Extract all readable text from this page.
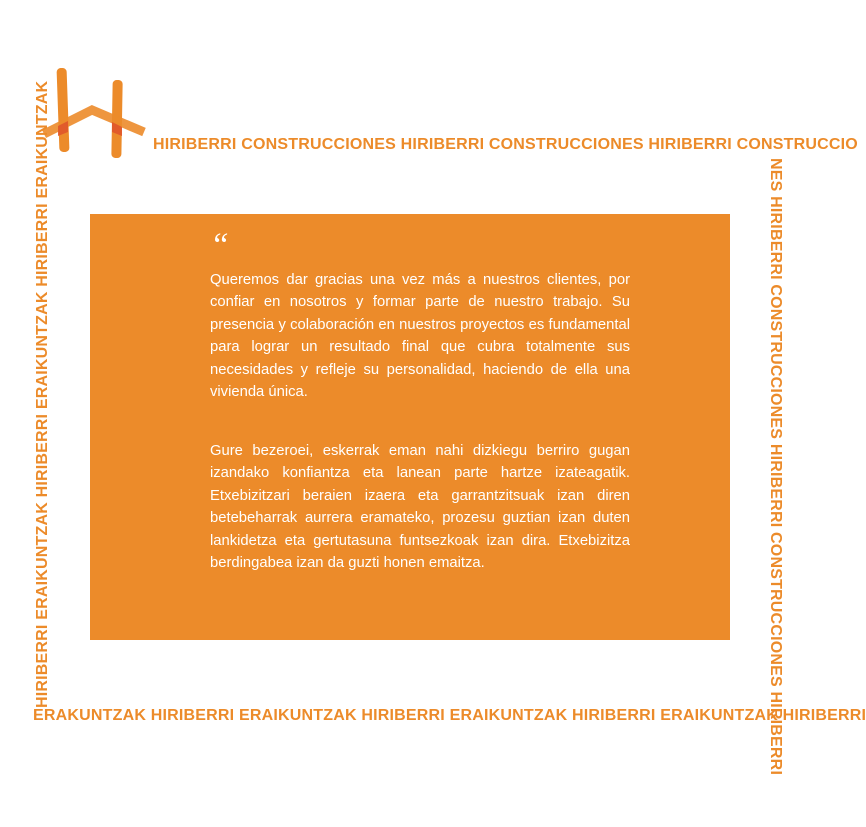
HIRIBERRI CONSTRUCCIONES HIRIBERRI CONSTRUCCIONES HIRIBERRI CONSTRUCCIO
NES HIRIBERRI CONSTRUCCIONES HIRIBERRI CONSTRUCCIONES HIRIBERRI
ERAKUNTZAK HIRIBERRI ERAIKUNTZAK HIRIBERRI ERAIKUNTZAK HIRIBERRI ERAIKUNTZAK HIRIBERRI
HIRIBERRI ERAIKUNTZAK HIRIBERRI ERAIKUNTZAK HIRIBERRI ERAIKUNTZAK	“

Queremos dar gracias una vez más a nuestros clientes, por confiar en nosotros y formar parte de nuestro trabajo. Su presencia y colaboración en nuestros proyectos es fundamental para lograr un resultado final que cubra totalmente sus necesidades y refleje su personalidad, haciendo de ella una vivienda única.

Gure bezeroei, eskerrak eman nahi dizkiegu berriro gugan izandako konfiantza eta lanean parte hartze izateagatik. Etxebizitzari beraien izaera eta garrantzitsuak izan diren betebeharrak aurrera eramateko, prozesu guztian izan duten lankidetza eta gertutasuna funtsezkoak izan dira. Etxebizitza berdingabea izan da guzti honen emaitza.
